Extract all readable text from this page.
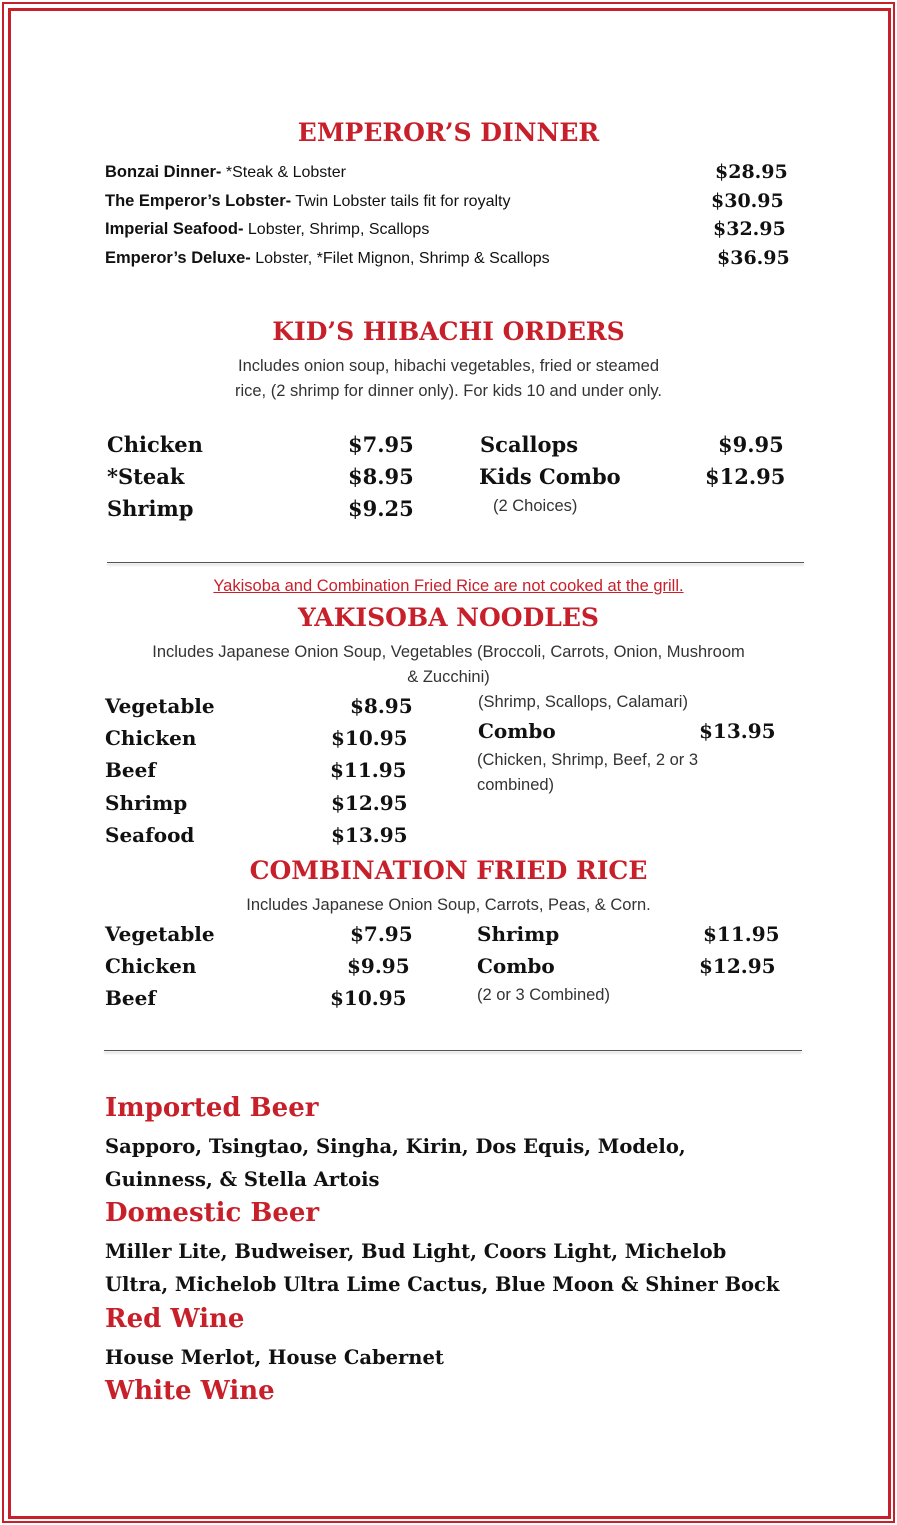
EMPEROR’S DINNER
Bonzai Dinner- *Steak & Lobster	$28.95
The Emperor’s Lobster- Twin Lobster tails fit for royalty	$30.95
Imperial Seafood- Lobster, Shrimp, Scallops	$32.95
Emperor’s Deluxe- Lobster, *Filet Mignon, Shrimp & Scallops	$36.95
KID’S HIBACHI ORDERS
Includes onion soup, hibachi vegetables, fried or steamed
rice, (2 shrimp for dinner only). For kids 10 and under only.
Chicken	$7.95
*Steak	$8.95
Shrimp	$9.25
Scallops	$9.95
Kids Combo	$12.95
(2 Choices)
Yakisoba and Combination Fried Rice are not cooked at the grill.
YAKISOBA NOODLES
Includes Japanese Onion Soup, Vegetables (Broccoli, Carrots, Onion, Mushroom
& Zucchini)
Vegetable	$8.95
Chicken	$10.95
Beef	$11.95
Shrimp	$12.95
Seafood	$13.95
(Shrimp, Scallops, Calamari)
Combo	$13.95
(Chicken, Shrimp, Beef, 2 or 3
combined)
COMBINATION FRIED RICE
Includes Japanese Onion Soup, Carrots, Peas, & Corn.
Vegetable	$7.95
Chicken	$9.95
Beef	$10.95
Shrimp	$11.95
Combo	$12.95
(2 or 3 Combined)
Imported Beer
Sapporo, Tsingtao, Singha, Kirin, Dos Equis, Modelo,
Guinness, & Stella Artois
Domestic Beer
Miller Lite, Budweiser, Bud Light, Coors Light, Michelob
Ultra, Michelob Ultra Lime Cactus, Blue Moon & Shiner Bock
Red Wine
House Merlot, House Cabernet
White Wine
